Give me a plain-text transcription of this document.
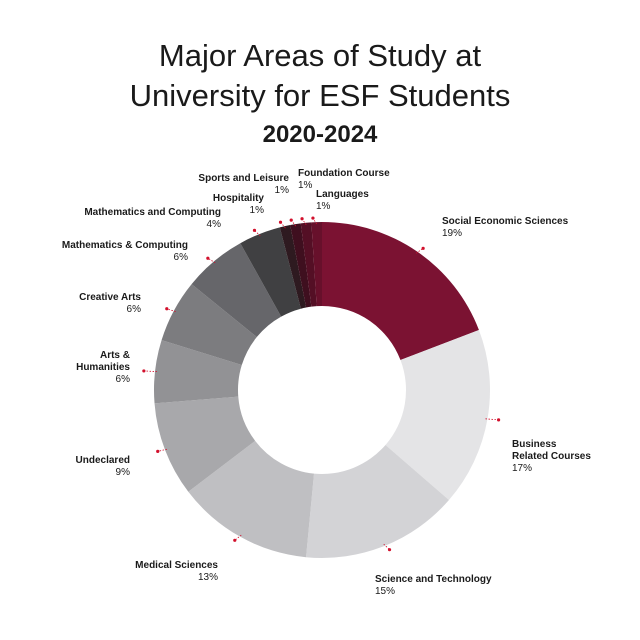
Major Areas of Study at
University for ESF Students
2020-2024
Social Economic Sciences
19%
Business
Related Courses
17%
Science and Technology
15%
Medical Sciences
13%
Undeclared
9%
Arts &
Humanities
6%
Creative Arts
6%
Mathematics & Computing
6%
Mathematics and Computing
4%
Hospitality
1%
Sports and Leisure
1%
Foundation Course
1%
Languages
1%
